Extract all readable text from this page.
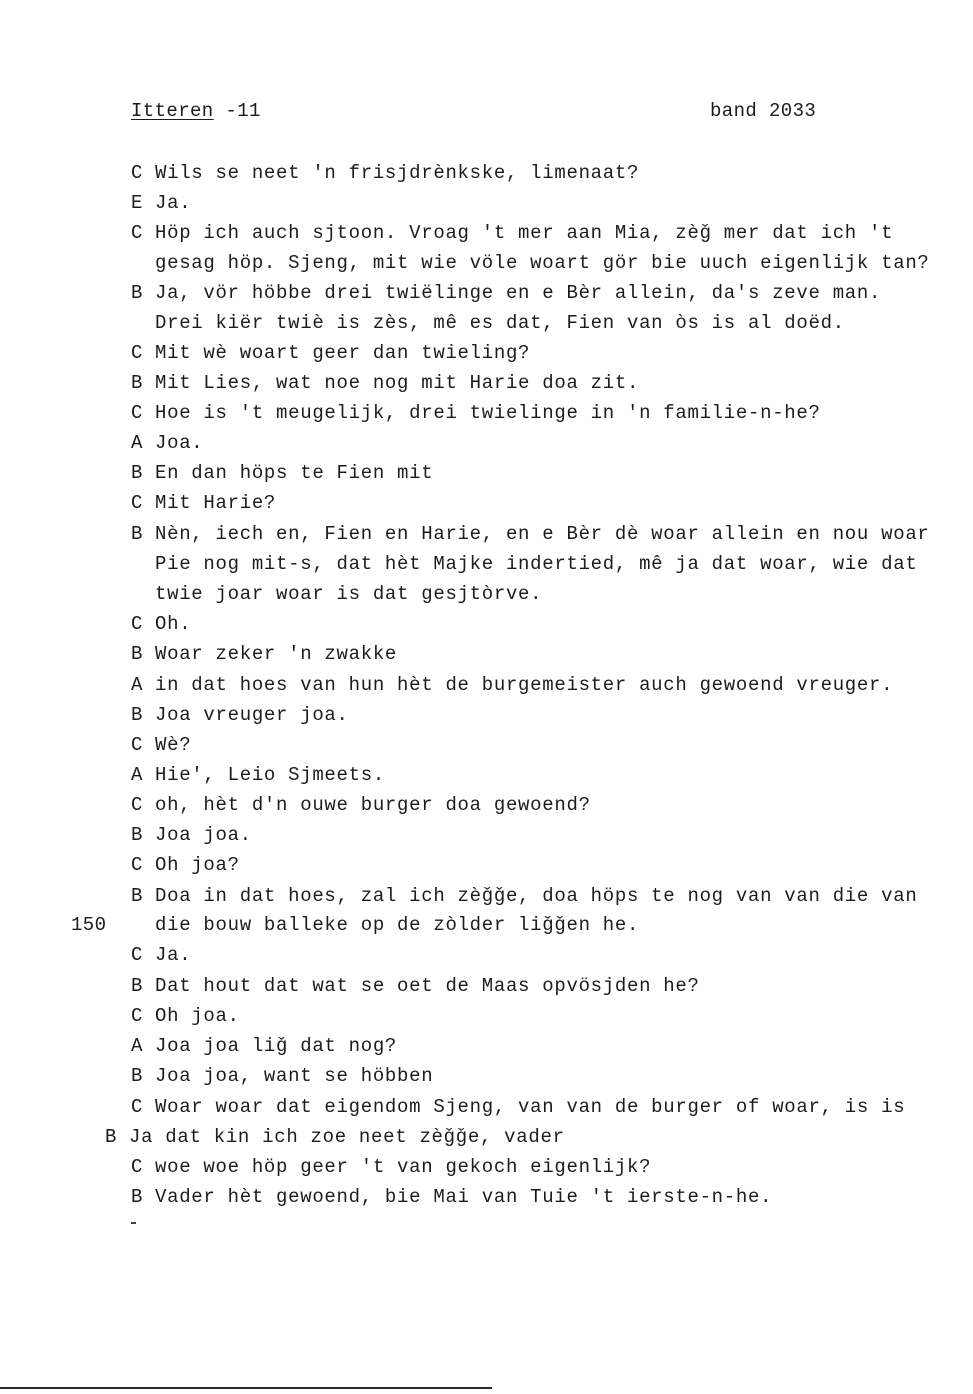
Itteren -11	band 2033
150
C Wils se neet 'n frisjdrènkske, limenaat?
E Ja.
C Höp ich auch sjtoon. Vroag 't mer aan Mia, zèǧ mer dat ich 't
gesag höp. Sjeng, mit wie völe woart gör bie uuch eigenlijk tan?
B Ja, vör höbbe drei twiëlinge en e Bèr allein, da's zeve man.
Drei kiër twiè is zès, mê es dat, Fien van òs is al doëd.
C Mit wè woart geer dan twieling?
B Mit Lies, wat noe nog mit Harie doa zit.
C Hoe is 't meugelijk, drei twielinge in 'n familie-n-he?
A Joa.
B En dan höps te Fien mit
C Mit Harie?
B Nèn, iech en, Fien en Harie, en e Bèr dè woar allein en nou woar
Pie nog mit-s, dat hèt Majke indertied, mê ja dat woar, wie dat
twie joar woar is dat gesjtòrve.
C Oh.
B Woar zeker 'n zwakke
A in dat hoes van hun hèt de burgemeister auch gewoend vreuger.
B Joa vreuger joa.
C Wè?
A Hie', Leio Sjmeets.
C oh, hèt d'n ouwe burger doa gewoend?
B Joa joa.
C Oh joa?
B Doa in dat hoes, zal ich zèǧǧe, doa höps te nog van van die van
die bouw balleke op de zòlder liǧǧen he.
C Ja.
B Dat hout dat wat se oet de Maas opvösjden he?
C Oh joa.
A Joa joa liǧ dat nog?
B Joa joa, want se höbben
C Woar woar dat eigendom Sjeng, van van de burger of woar, is is
B Ja dat kin ich zoe neet zèǧǧe, vader
C woe woe höp geer 't van gekoch eigenlijk?
B Vader hèt gewoend, bie Mai van Tuie 't ierste-n-he.
